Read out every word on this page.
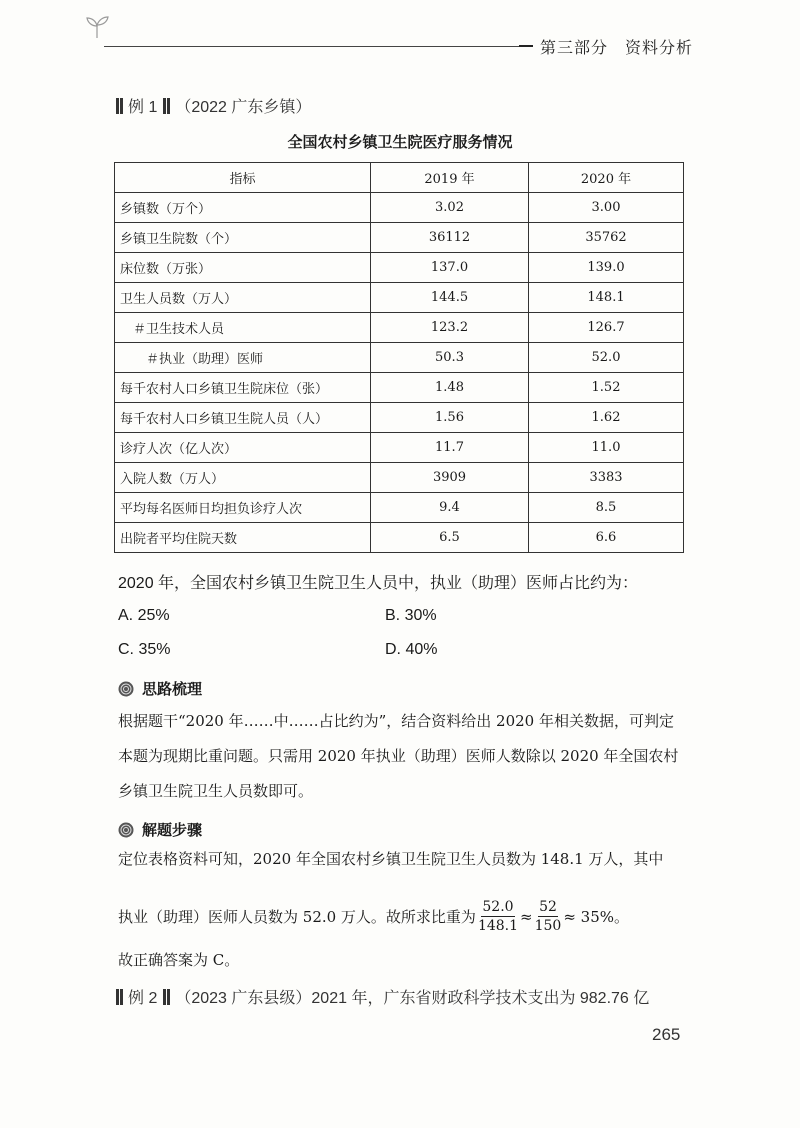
第三部分　资料分析
例 1 （2022 广东乡镇）
全国农村乡镇卫生院医疗服务情况
指标	2019 年	2020 年
乡镇数（万个）	3.02	3.00
乡镇卫生院数（个）	36112	35762
床位数（万张）	137.0	139.0
卫生人员数（万人）	144.5	148.1
＃卫生技术人员	123.2	126.7
＃执业（助理）医师	50.3	52.0
每千农村人口乡镇卫生院床位（张）	1.48	1.52
每千农村人口乡镇卫生院人员（人）	1.56	1.62
诊疗人次（亿人次）	11.7	11.0
入院人数（万人）	3909	3383
平均每名医师日均担负诊疗人次	9.4	8.5
出院者平均住院天数	6.5	6.6
2020 年，全国农村乡镇卫生院卫生人员中，执业（助理）医师占比约为：
A. 25%	B. 30%
C. 35%	D. 40%
思路梳理
根据题干“2020 年……中……占比约为”，结合资料给出 2020 年相关数据，可判定本题为现期比重问题。只需用 2020 年执业（助理）医师人数除以 2020 年全国农村乡镇卫生院卫生人员数即可。
解题步骤
定位表格资料可知，2020 年全国农村乡镇卫生院卫生人员数为 148.1 万人，其中
执业（助理）医师人员数为 52.0 万人。故所求比重为 $\frac{52.0}{148.1} \approx \frac{52}{150} \approx 35\%$。
故正确答案为 C。
例 2 （2023 广东县级）2021 年，广东省财政科学技术支出为 982.76 亿
265
